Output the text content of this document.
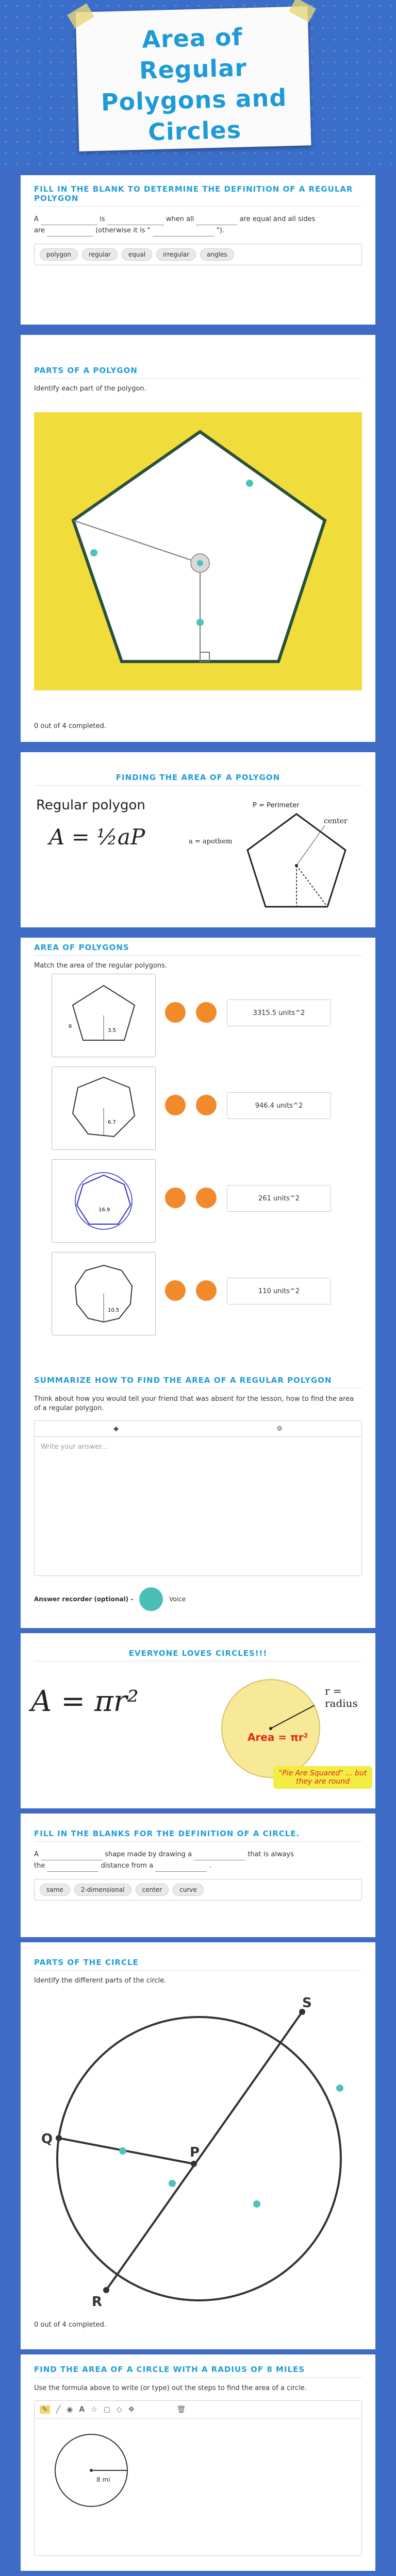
Area of Regular Polygons and Circles
FILL IN THE BLANK TO DETERMINE THE DEFINITION OF A REGULAR POLYGON
A	is	when all	are equal and all sides
are	(otherwise it is "	").
polygon	regular	equal	irregular	angles
PARTS OF A POLYGON
Identify each part of the polygon.
0 out of 4 completed.
FINDING THE AREA OF A POLYGON
Regular polygon
A = ½aP
P = Perimeter
center
a = apothem
AREA OF POLYGONS
Match the area of the regular polygons.
3.5
6
3315.5 units^2
6.7
946.4 units^2
16.9
261 units^2
10.5
110 units^2
SUMMARIZE HOW TO FIND THE AREA OF A REGULAR POLYGON
Think about how you would tell your friend that was absent for the lesson, how to find the area of a regular polygon.
◆	⚙
Write your answer...
Answer recorder (optional) -	Voice
EVERYONE LOVES CIRCLES!!!
A = πr²	r = radius
Area = πr²
"Pie Are Squared" ... but they are round
FILL IN THE BLANKS FOR THE DEFINITION OF A CIRCLE.
A	shape made by drawing a	that is always
the	distance from a	.
same	2-dimensional	center	curve
PARTS OF THE CIRCLE
Identify the different parts of the circle.
Q
P
S
R
0 out of 4 completed.
FIND THE AREA OF A CIRCLE WITH A RADIUS OF 8 MILES
Use the formula above to write (or type) out the steps to find the area of a circle.
✎ ╱ ◉ A ☆ ▢ ◇ ✥	🗑
8 mi
